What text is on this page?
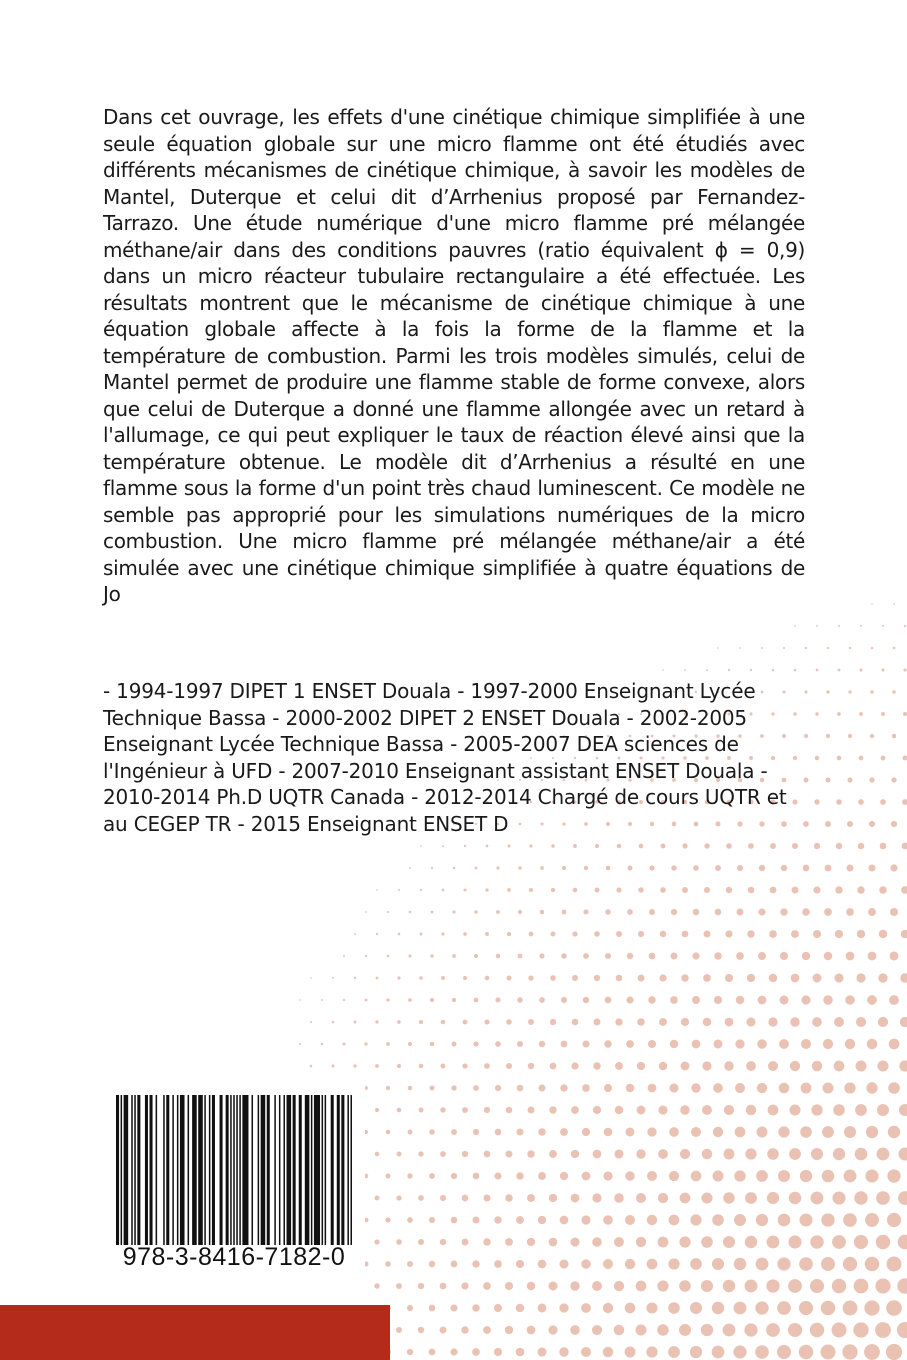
Dans cet ouvrage, les effets d'une cinétique chimique simplifiée à une seule équation globale sur une micro flamme ont été étudiés avec différents mécanismes de cinétique chimique, à savoir les modèles de Mantel, Duterque et celui dit d’Arrhenius proposé par Fernandez-Tarrazo. Une étude numérique d'une micro flamme pré mélangée méthane/air dans des conditions pauvres (ratio équivalent ϕ = 0,9) dans un micro réacteur tubulaire rectangulaire a été effectuée. Les résultats montrent que le mécanisme de cinétique chimique à une équation globale affecte à la fois la forme de la flamme et la température de combustion. Parmi les trois modèles simulés, celui de Mantel permet de produire une flamme stable de forme convexe, alors que celui de Duterque a donné une flamme allongée avec un retard à l'allumage, ce qui peut expliquer le taux de réaction élevé ainsi que la température obtenue. Le modèle dit d’Arrhenius a résulté en une flamme sous la forme d'un point très chaud luminescent. Ce modèle ne semble pas approprié pour les simulations numériques de la micro combustion. Une micro flamme pré mélangée méthane/air a été simulée avec une cinétique chimique simplifiée à quatre équations de Jo

- 1994-1997 DIPET 1 ENSET Douala - 1997-2000 Enseignant Lycée Technique Bassa - 2000-2002 DIPET 2 ENSET Douala - 2002-2005 Enseignant Lycée Technique Bassa - 2005-2007 DEA sciences de l'Ingénieur à UFD - 2007-2010 Enseignant assistant ENSET Douala - 2010-2014 Ph.D UQTR Canada - 2012-2014 Chargé de cours UQTR et au CEGEP TR - 2015 Enseignant ENSET D

978-3-8416-7182-0
